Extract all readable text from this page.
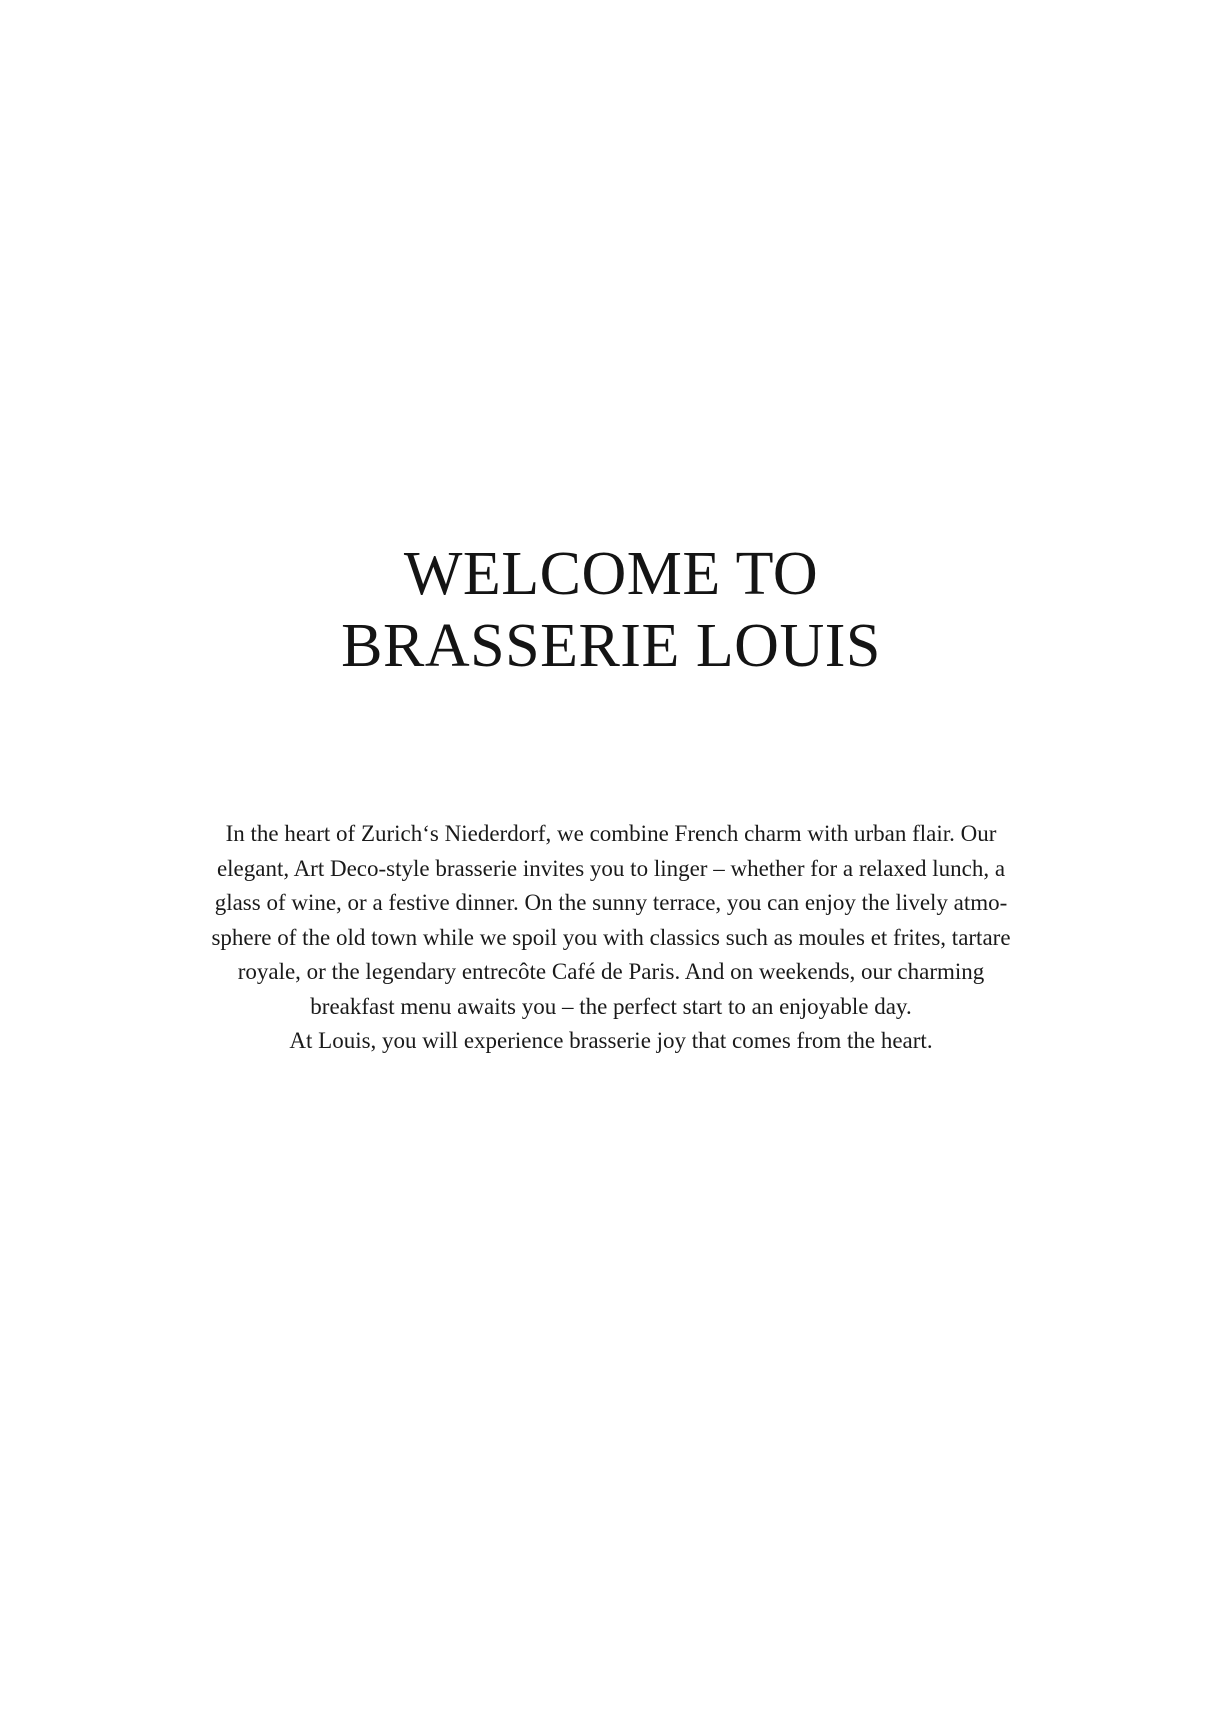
WELCOME TO
BRASSERIE LOUIS

In the heart of Zurich‘s Niederdorf, we combine French charm with urban flair. Our
elegant, Art Deco-style brasserie invites you to linger – whether for a relaxed lunch, a
glass of wine, or a festive dinner. On the sunny terrace, you can enjoy the lively atmo-
sphere of the old town while we spoil you with classics such as moules et frites, tartare
royale, or the legendary entrecôte Café de Paris. And on weekends, our charming
breakfast menu awaits you – the perfect start to an enjoyable day.
At Louis, you will experience brasserie joy that comes from the heart.
